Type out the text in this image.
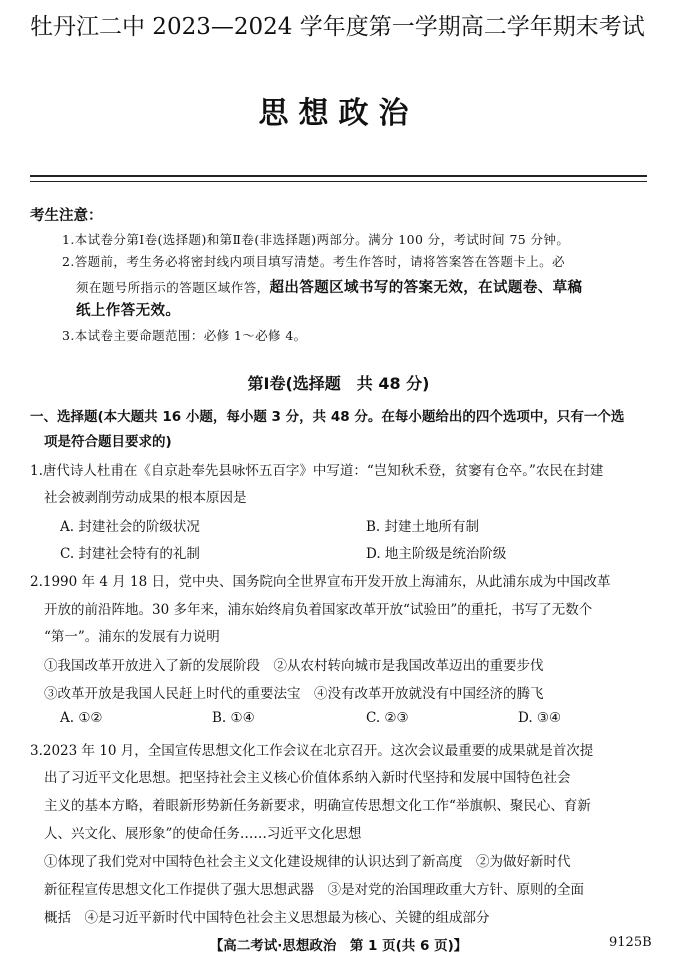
牡丹江二中 2023—2024 学年度第一学期高二学年期末考试
思想政治
考生注意：
1.本试卷分第Ⅰ卷(选择题)和第Ⅱ卷(非选择题)两部分。满分 100 分，考试时间 75 分钟。
2.答题前，考生务必将密封线内项目填写清楚。考生作答时，请将答案答在答题卡上。必
须在题号所指示的答题区域作答，超出答题区域书写的答案无效，在试题卷、草稿
纸上作答无效。
3.本试卷主要命题范围：必修 1～必修 4。
第Ⅰ卷(选择题　共 48 分)
一、选择题(本大题共 16 小题，每小题 3 分，共 48 分。在每小题给出的四个选项中，只有一个选
项是符合题目要求的)
1.唐代诗人杜甫在《自京赴奉先县咏怀五百字》中写道：“岂知秋禾登，贫窭有仓卒。”农民在封建
社会被剥削劳动成果的根本原因是
A. 封建社会的阶级状况	B. 封建土地所有制
C. 封建社会特有的礼制	D. 地主阶级是统治阶级
2.1990 年 4 月 18 日，党中央、国务院向全世界宣布开发开放上海浦东，从此浦东成为中国改革
开放的前沿阵地。30 多年来，浦东始终肩负着国家改革开放“试验田”的重托，书写了无数个
“第一”。浦东的发展有力说明
①我国改革开放进入了新的发展阶段　②从农村转向城市是我国改革迈出的重要步伐
③改革开放是我国人民赶上时代的重要法宝　④没有改革开放就没有中国经济的腾飞
A. ①②	B. ①④	C. ②③	D. ③④
3.2023 年 10 月，全国宣传思想文化工作会议在北京召开。这次会议最重要的成果就是首次提
出了习近平文化思想。把坚持社会主义核心价值体系纳入新时代坚持和发展中国特色社会
主义的基本方略，着眼新形势新任务新要求，明确宣传思想文化工作“举旗帜、聚民心、育新
人、兴文化、展形象”的使命任务……习近平文化思想
①体现了我们党对中国特色社会主义文化建设规律的认识达到了新高度　②为做好新时代
新征程宣传思想文化工作提供了强大思想武器　③是对党的治国理政重大方针、原则的全面
概括　④是习近平新时代中国特色社会主义思想最为核心、关键的组成部分
【高二考试·思想政治　第 1 页(共 6 页)】	9125B
